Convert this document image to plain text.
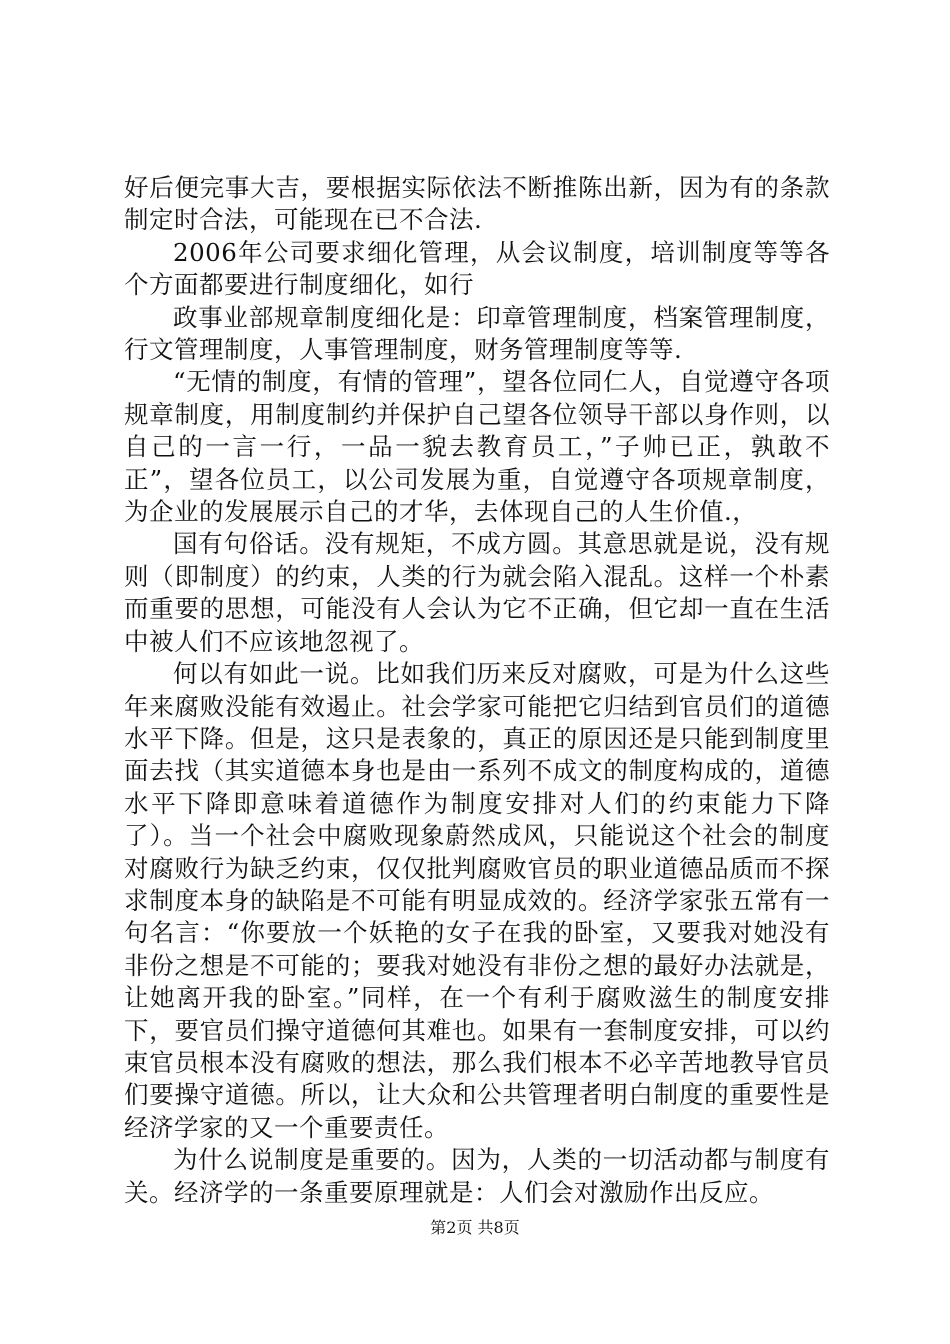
好后便完事大吉，要根据实际依法不断推陈出新，因为有的条款制定时合法，可能现在已不合法.

2006年公司要求细化管理，从会议制度，培训制度等等各个方面都要进行制度细化，如行

政事业部规章制度细化是：印章管理制度，档案管理制度，行文管理制度，人事管理制度，财务管理制度等等.

“无情的制度，有情的管理”，望各位同仁人，自觉遵守各项规章制度，用制度制约并保护自己望各位领导干部以身作则，以自己的一言一行，一品一貌去教育员工，”子帅已正，孰敢不正”，望各位员工，以公司发展为重，自觉遵守各项规章制度，为企业的发展展示自己的才华，去体现自己的人生价值.，

国有句俗话。没有规矩，不成方圆。其意思就是说，没有规则（即制度）的约束，人类的行为就会陷入混乱。这样一个朴素而重要的思想，可能没有人会认为它不正确，但它却一直在生活中被人们不应该地忽视了。

何以有如此一说。比如我们历来反对腐败，可是为什么这些年来腐败没能有效遏止。社会学家可能把它归结到官员们的道德水平下降。但是，这只是表象的，真正的原因还是只能到制度里面去找（其实道德本身也是由一系列不成文的制度构成的，道德水平下降即意味着道德作为制度安排对人们的约束能力下降了）。当一个社会中腐败现象蔚然成风，只能说这个社会的制度对腐败行为缺乏约束，仅仅批判腐败官员的职业道德品质而不探求制度本身的缺陷是不可能有明显成效的。经济学家张五常有一句名言：“你要放一个妖艳的女子在我的卧室，又要我对她没有非份之想是不可能的；要我对她没有非份之想的最好办法就是，让她离开我的卧室。”同样，在一个有利于腐败滋生的制度安排下，要官员们操守道德何其难也。如果有一套制度安排，可以约束官员根本没有腐败的想法，那么我们根本不必辛苦地教导官员们要操守道德。所以，让大众和公共管理者明白制度的重要性是经济学家的又一个重要责任。

为什么说制度是重要的。因为，人类的一切活动都与制度有关。经济学的一条重要原理就是：人们会对激励作出反应。

第2页 共8页
